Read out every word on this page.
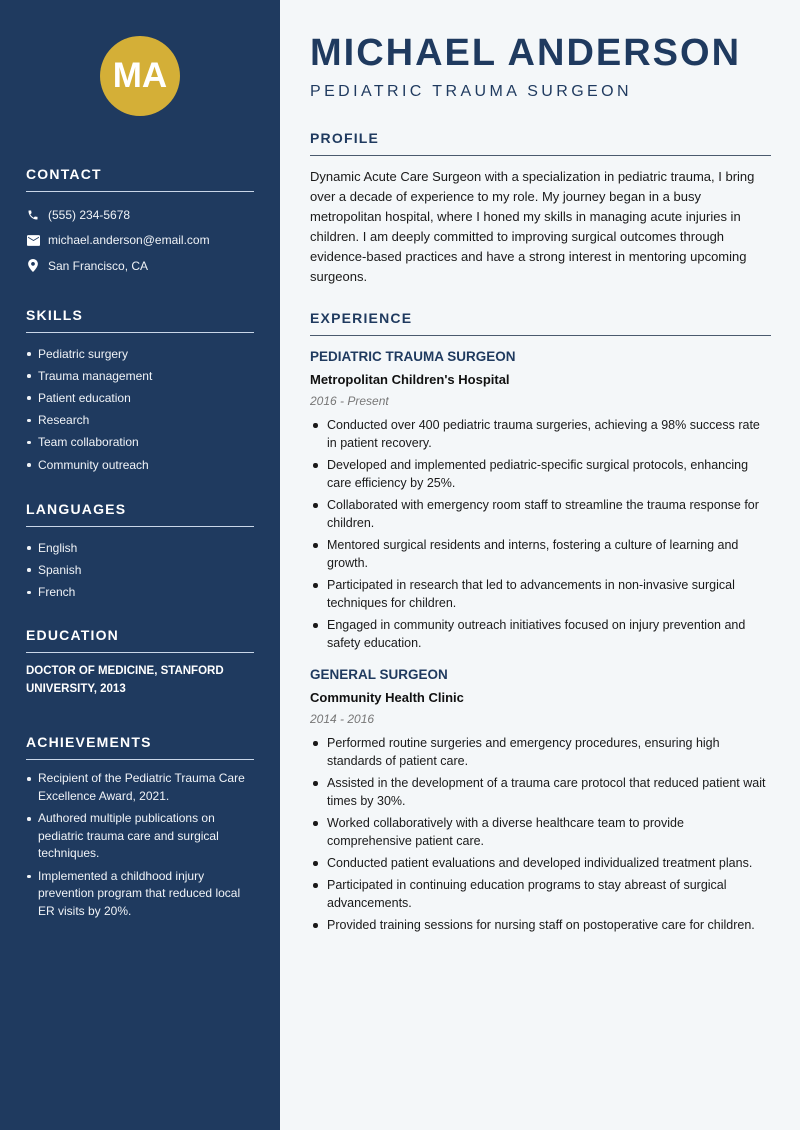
MA
CONTACT
(555) 234-5678
michael.anderson@email.com
San Francisco, CA
SKILLS
Pediatric surgery
Trauma management
Patient education
Research
Team collaboration
Community outreach
LANGUAGES
English
Spanish
French
EDUCATION

DOCTOR OF MEDICINE, STANFORD UNIVERSITY, 2013

ACHIEVEMENTS
Recipient of the Pediatric Trauma Care Excellence Award, 2021.
Authored multiple publications on pediatric trauma care and surgical techniques.
Implemented a childhood injury prevention program that reduced local ER visits by 20%.
MICHAEL ANDERSON
PEDIATRIC TRAUMA SURGEON
PROFILE

Dynamic Acute Care Surgeon with a specialization in pediatric trauma, I bring over a decade of experience to my role. My journey began in a busy metropolitan hospital, where I honed my skills in managing acute injuries in children. I am deeply committed to improving surgical outcomes through evidence-based practices and have a strong interest in mentoring upcoming surgeons.

EXPERIENCE
PEDIATRIC TRAUMA SURGEON
Metropolitan Children's Hospital
2016 - Present
Conducted over 400 pediatric trauma surgeries, achieving a 98% success rate in patient recovery.
Developed and implemented pediatric-specific surgical protocols, enhancing care efficiency by 25%.
Collaborated with emergency room staff to streamline the trauma response for children.
Mentored surgical residents and interns, fostering a culture of learning and growth.
Participated in research that led to advancements in non-invasive surgical techniques for children.
Engaged in community outreach initiatives focused on injury prevention and safety education.
GENERAL SURGEON
Community Health Clinic
2014 - 2016
Performed routine surgeries and emergency procedures, ensuring high standards of patient care.
Assisted in the development of a trauma care protocol that reduced patient wait times by 30%.
Worked collaboratively with a diverse healthcare team to provide comprehensive patient care.
Conducted patient evaluations and developed individualized treatment plans.
Participated in continuing education programs to stay abreast of surgical advancements.
Provided training sessions for nursing staff on postoperative care for children.
